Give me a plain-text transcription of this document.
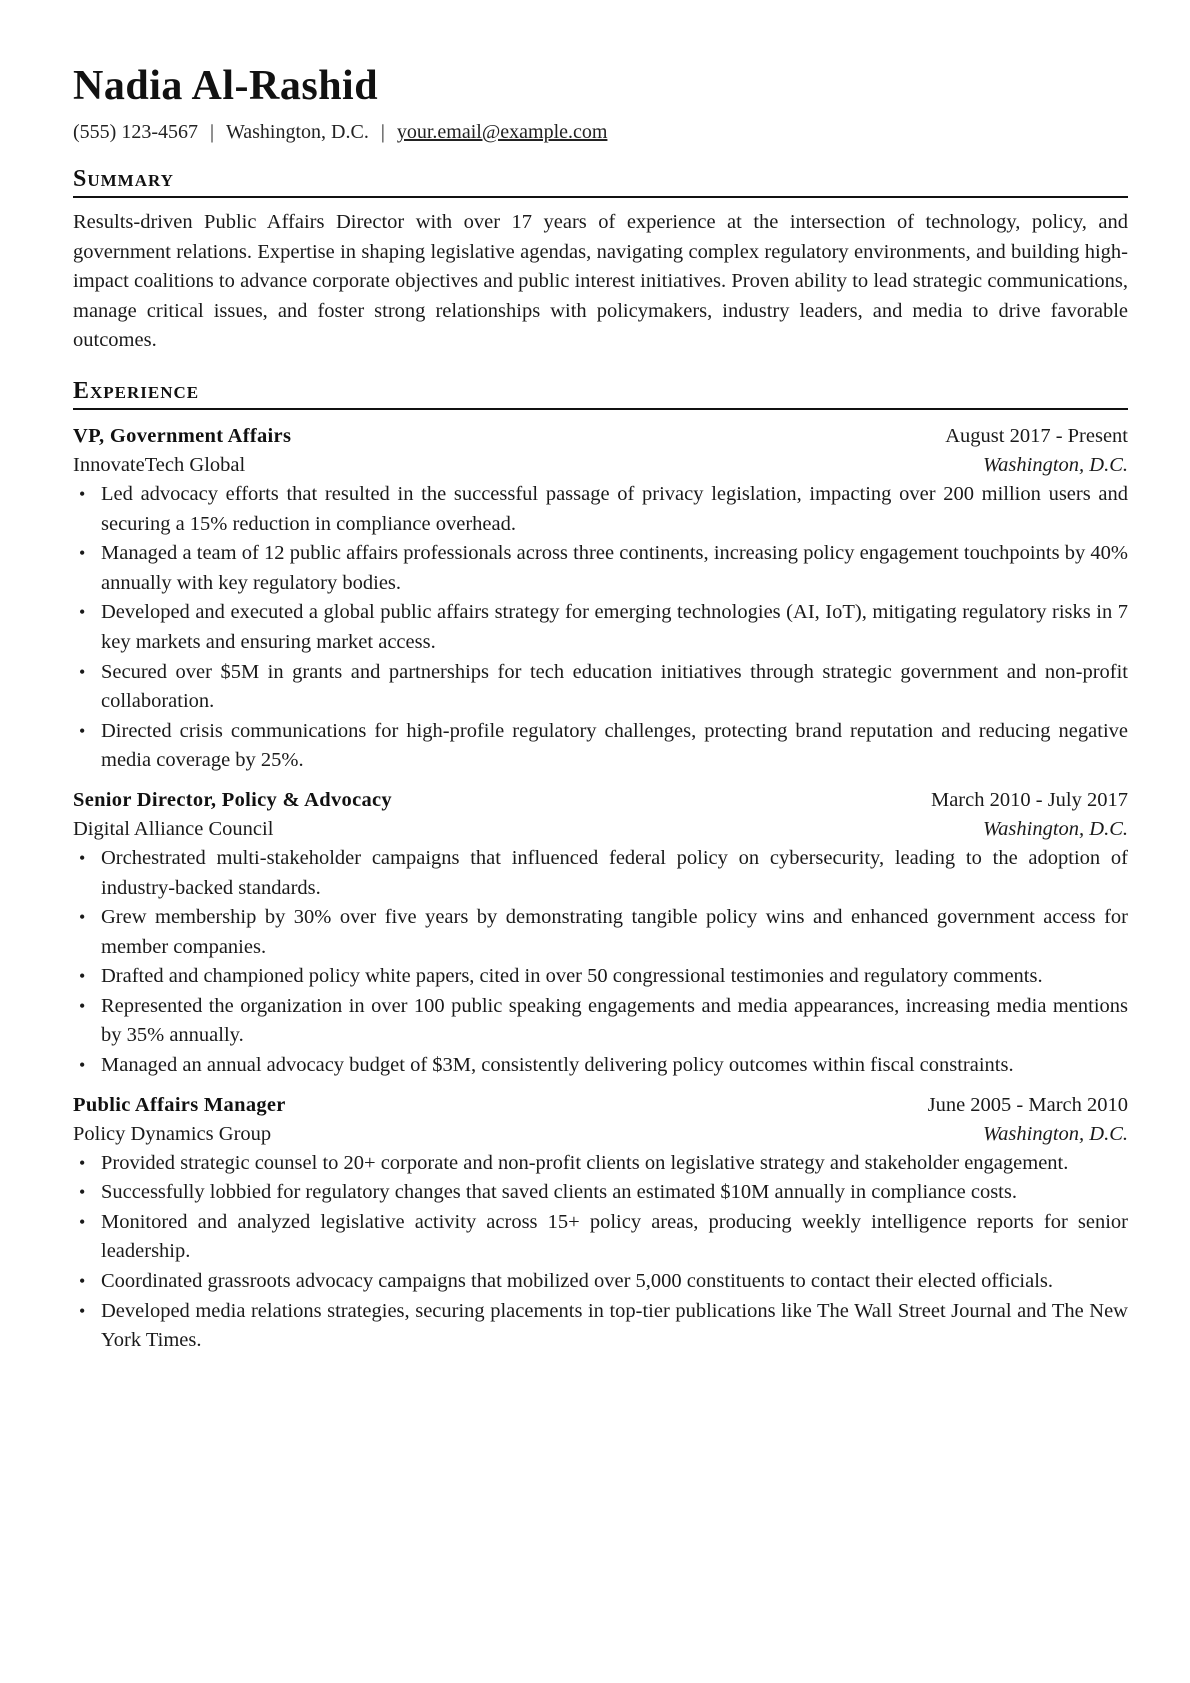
Nadia Al-Rashid
(555) 123-4567 | Washington, D.C. | your.email@example.com
Summary
Results-driven Public Affairs Director with over 17 years of experience at the intersection of technology, policy, and government relations. Expertise in shaping legislative agendas, navigating complex regulatory environments, and building high-impact coalitions to advance corporate objectives and public interest initiatives. Proven ability to lead strategic communications, manage critical issues, and foster strong relationships with policymakers, industry leaders, and media to drive favorable outcomes.
Experience
VP, Government Affairs	August 2017 - Present
InnovateTech Global	Washington, D.C.
• Led advocacy efforts that resulted in the successful passage of privacy legislation, impacting over 200 million users and securing a 15% reduction in compliance overhead.
• Managed a team of 12 public affairs professionals across three continents, increasing policy engagement touchpoints by 40% annually with key regulatory bodies.
• Developed and executed a global public affairs strategy for emerging technologies (AI, IoT), mitigating regulatory risks in 7 key markets and ensuring market access.
• Secured over $5M in grants and partnerships for tech education initiatives through strategic government and non-profit collaboration.
• Directed crisis communications for high-profile regulatory challenges, protecting brand reputation and reducing negative media coverage by 25%.
Senior Director, Policy & Advocacy	March 2010 - July 2017
Digital Alliance Council	Washington, D.C.
• Orchestrated multi-stakeholder campaigns that influenced federal policy on cybersecurity, leading to the adoption of industry-backed standards.
• Grew membership by 30% over five years by demonstrating tangible policy wins and enhanced government access for member companies.
• Drafted and championed policy white papers, cited in over 50 congressional testimonies and regulatory comments.
• Represented the organization in over 100 public speaking engagements and media appearances, increasing media mentions by 35% annually.
• Managed an annual advocacy budget of $3M, consistently delivering policy outcomes within fiscal constraints.
Public Affairs Manager	June 2005 - March 2010
Policy Dynamics Group	Washington, D.C.
• Provided strategic counsel to 20+ corporate and non-profit clients on legislative strategy and stakeholder engagement.
• Successfully lobbied for regulatory changes that saved clients an estimated $10M annually in compliance costs.
• Monitored and analyzed legislative activity across 15+ policy areas, producing weekly intelligence reports for senior leadership.
• Coordinated grassroots advocacy campaigns that mobilized over 5,000 constituents to contact their elected officials.
• Developed media relations strategies, securing placements in top-tier publications like The Wall Street Journal and The New York Times.
